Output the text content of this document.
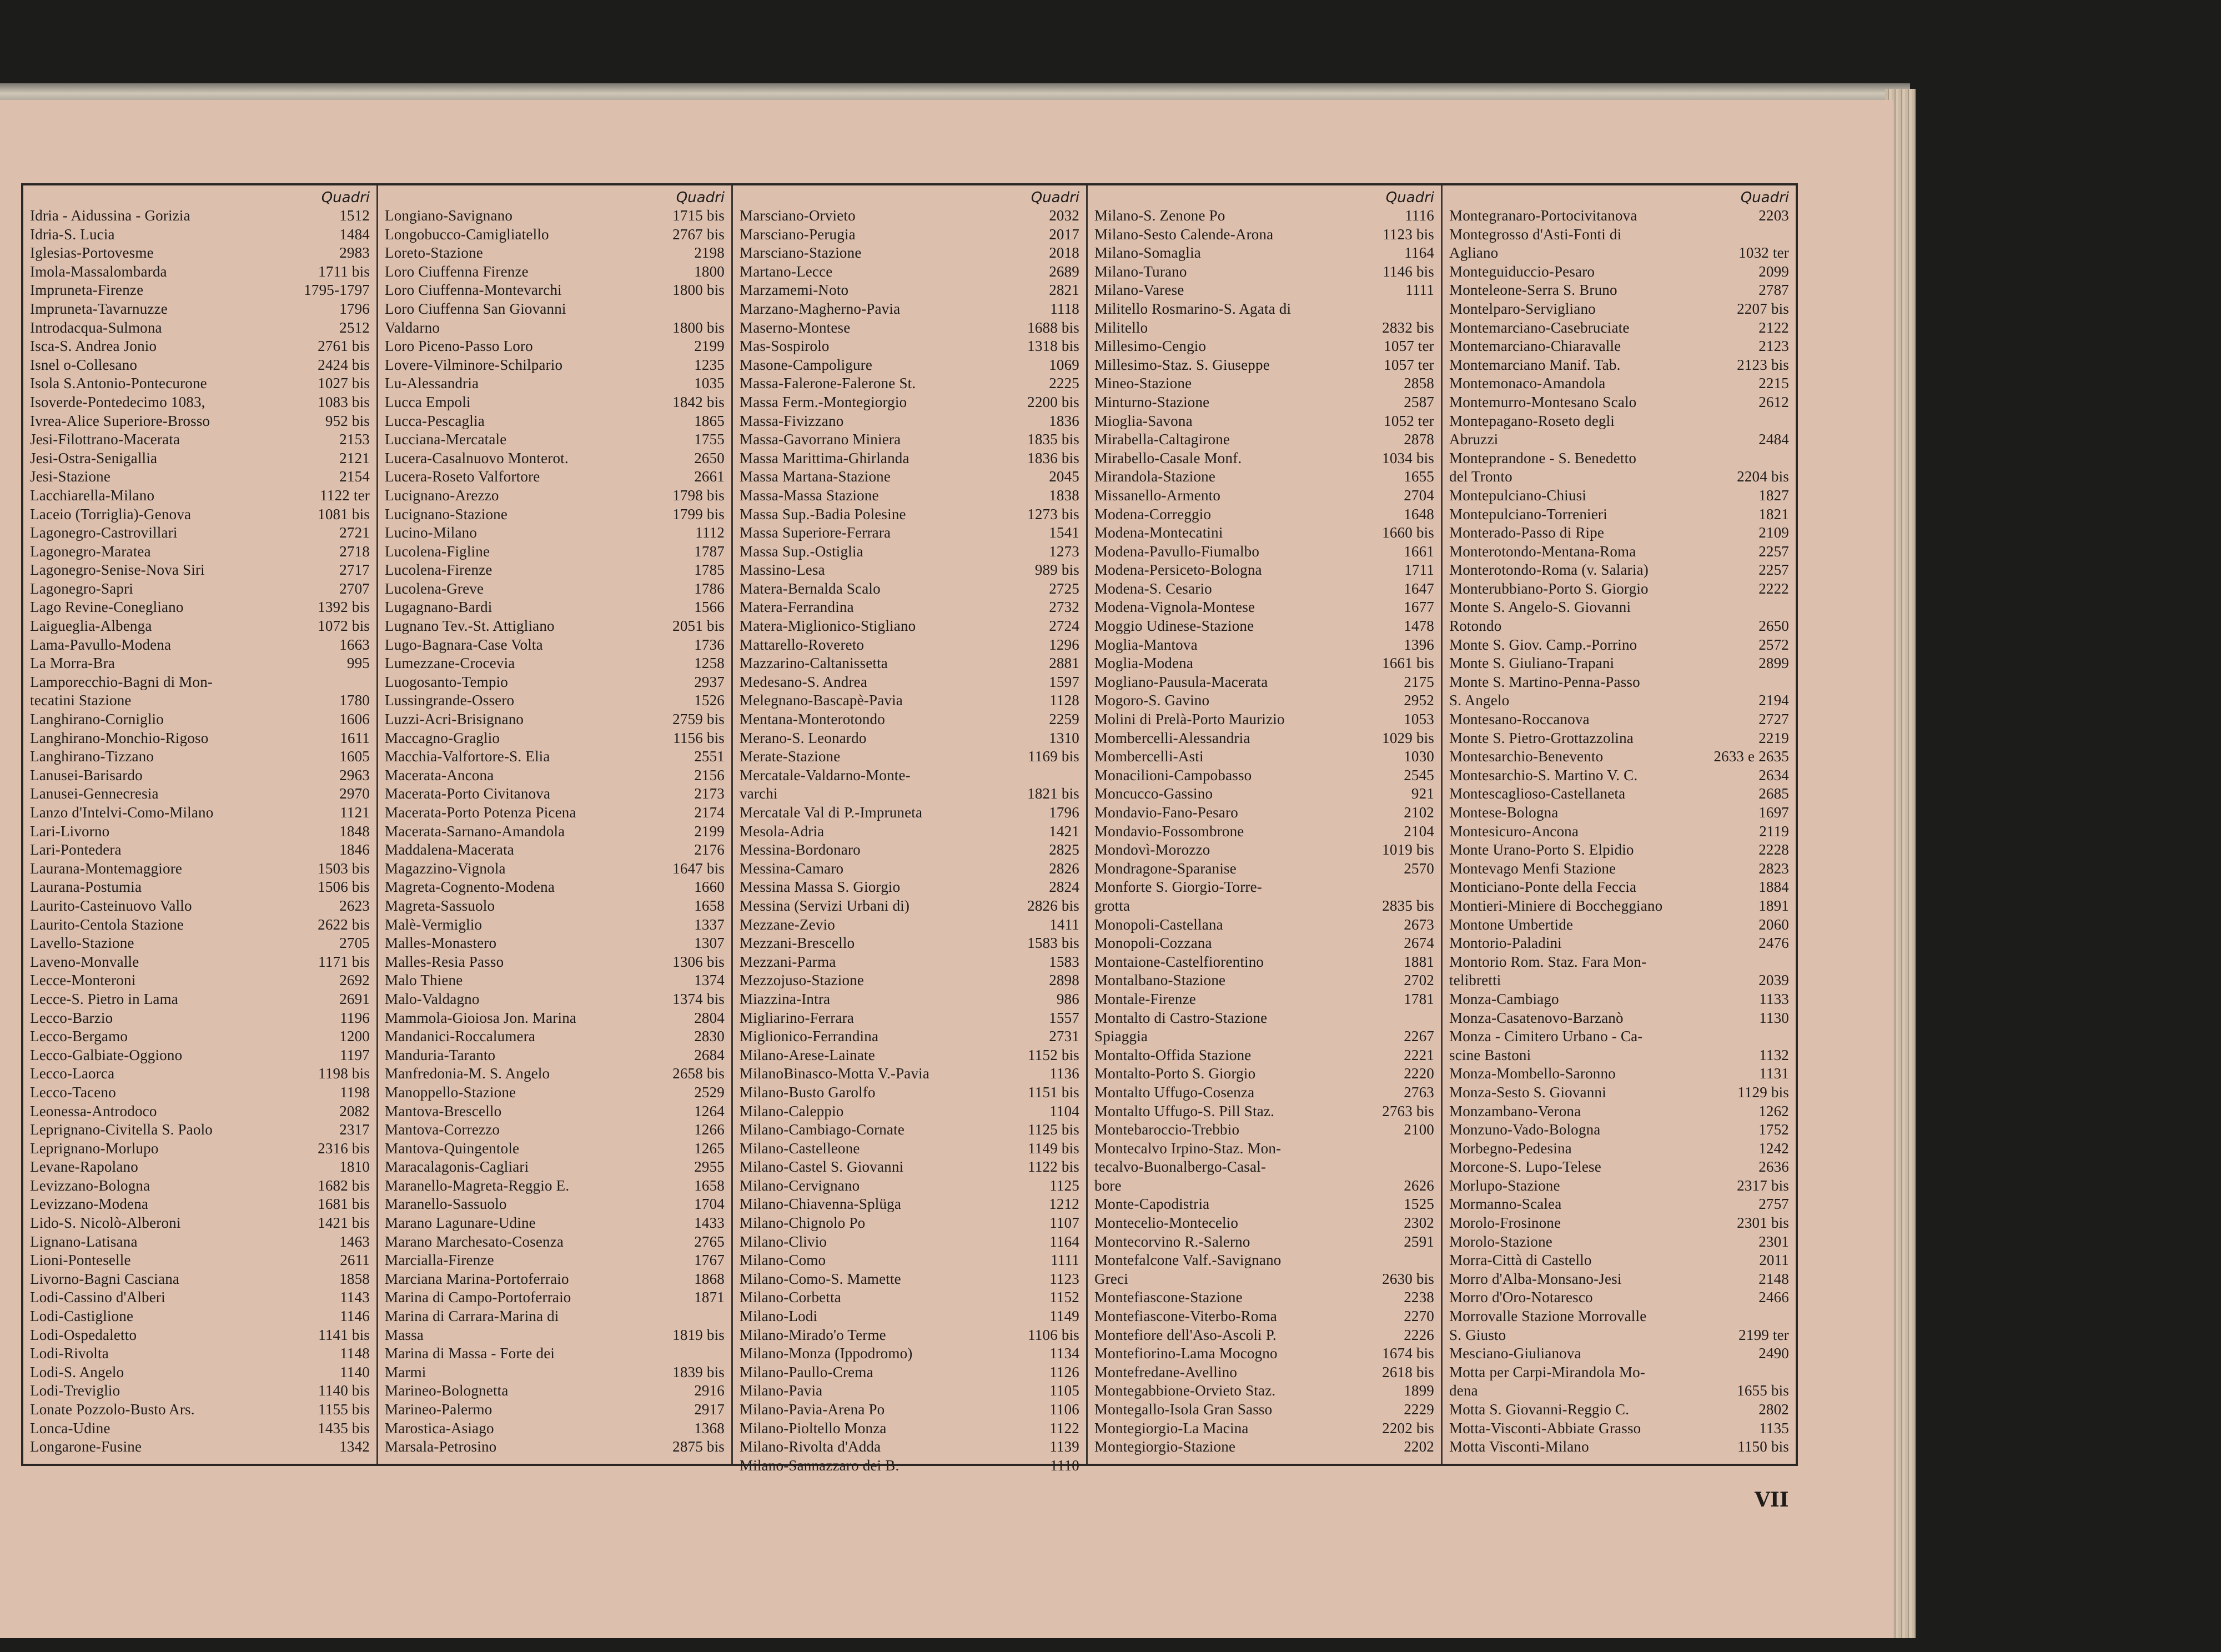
Quadri
1512
Idria - Aidussina - Gorizia
1484
Idria-S. Lucia
2983
Iglesias-Portovesme
1711 bis
Imola-Massalombarda
1795-1797
Impruneta-Firenze
1796
Impruneta-Tavarnuzze
2512
Introdacqua-Sulmona
2761 bis
Isca-S. Andrea Jonio
2424 bis
Isnel o-Collesano
1027 bis
Isola S.Antonio-Pontecurone
1083 bis
Isoverde-Pontedecimo 1083,
952 bis
Ivrea-Alice Superiore-Brosso
2153
Jesi-Filottrano-Macerata
2121
Jesi-Ostra-Senigallia
2154
Jesi-Stazione
1122 ter
Lacchiarella-Milano
1081 bis
Laceio (Torriglia)-Genova
2721
Lagonegro-Castrovillari
2718
Lagonegro-Maratea
2717
Lagonegro-Senise-Nova Siri
2707
Lagonegro-Sapri
1392 bis
Lago Revine-Conegliano
1072 bis
Laigueglia-Albenga
1663
Lama-Pavullo-Modena
995
La Morra-Bra
Lamporecchio-Bagni di Mon-
1780
tecatini Stazione
1606
Langhirano-Corniglio
1611
Langhirano-Monchio-Rigoso
1605
Langhirano-Tizzano
2963
Lanusei-Barisardo
2970
Lanusei-Gennecresia
1121
Lanzo d'Intelvi-Como-Milano
1848
Lari-Livorno
1846
Lari-Pontedera
1503 bis
Laurana-Montemaggiore
1506 bis
Laurana-Postumia
2623
Laurito-Casteinuovo Vallo
2622 bis
Laurito-Centola Stazione
2705
Lavello-Stazione
1171 bis
Laveno-Monvalle
2692
Lecce-Monteroni
2691
Lecce-S. Pietro in Lama
1196
Lecco-Barzio
1200
Lecco-Bergamo
1197
Lecco-Galbiate-Oggiono
1198 bis
Lecco-Laorca
1198
Lecco-Taceno
2082
Leonessa-Antrodoco
2317
Leprignano-Civitella S. Paolo
2316 bis
Leprignano-Morlupo
1810
Levane-Rapolano
1682 bis
Levizzano-Bologna
1681 bis
Levizzano-Modena
1421 bis
Lido-S. Nicolò-Alberoni
1463
Lignano-Latisana
2611
Lioni-Ponteselle
1858
Livorno-Bagni Casciana
1143
Lodi-Cassino d'Alberi
1146
Lodi-Castiglione
1141 bis
Lodi-Ospedaletto
1148
Lodi-Rivolta
1140
Lodi-S. Angelo
1140 bis
Lodi-Treviglio
1155 bis
Lonate Pozzolo-Busto Ars.
1435 bis
Lonca-Udine
1342
Longarone-Fusine
Quadri
1715 bis
Longiano-Savignano
2767 bis
Longobucco-Camigliatello
2198
Loreto-Stazione
1800
Loro Ciuffenna Firenze
1800 bis
Loro Ciuffenna-Montevarchi
Loro Ciuffenna San Giovanni
1800 bis
Valdarno
2199
Loro Piceno-Passo Loro
1235
Lovere-Vilminore-Schilpario
1035
Lu-Alessandria
1842 bis
Lucca Empoli
1865
Lucca-Pescaglia
1755
Lucciana-Mercatale
2650
Lucera-Casalnuovo Monterot.
2661
Lucera-Roseto Valfortore
1798 bis
Lucignano-Arezzo
1799 bis
Lucignano-Stazione
1112
Lucino-Milano
1787
Lucolena-Figline
1785
Lucolena-Firenze
1786
Lucolena-Greve
1566
Lugagnano-Bardi
2051 bis
Lugnano Tev.-St. Attigliano
1736
Lugo-Bagnara-Case Volta
1258
Lumezzane-Crocevia
2937
Luogosanto-Tempio
1526
Lussingrande-Ossero
2759 bis
Luzzi-Acri-Brisignano
1156 bis
Maccagno-Graglio
2551
Macchia-Valfortore-S. Elia
2156
Macerata-Ancona
2173
Macerata-Porto Civitanova
2174
Macerata-Porto Potenza Picena
2199
Macerata-Sarnano-Amandola
2176
Maddalena-Macerata
1647 bis
Magazzino-Vignola
1660
Magreta-Cognento-Modena
1658
Magreta-Sassuolo
1337
Malè-Vermiglio
1307
Malles-Monastero
1306 bis
Malles-Resia Passo
1374
Malo Thiene
1374 bis
Malo-Valdagno
2804
Mammola-Gioiosa Jon. Marina
2830
Mandanici-Roccalumera
2684
Manduria-Taranto
2658 bis
Manfredonia-M. S. Angelo
2529
Manoppello-Stazione
1264
Mantova-Brescello
1266
Mantova-Correzzo
1265
Mantova-Quingentole
2955
Maracalagonis-Cagliari
1658
Maranello-Magreta-Reggio E.
1704
Maranello-Sassuolo
1433
Marano Lagunare-Udine
2765
Marano Marchesato-Cosenza
1767
Marcialla-Firenze
1868
Marciana Marina-Portoferraio
1871
Marina di Campo-Portoferraio
Marina di Carrara-Marina di
1819 bis
Massa
Marina di Massa - Forte dei
1839 bis
Marmi
2916
Marineo-Bolognetta
2917
Marineo-Palermo
1368
Marostica-Asiago
2875 bis
Marsala-Petrosino
Quadri
2032
Marsciano-Orvieto
2017
Marsciano-Perugia
2018
Marsciano-Stazione
2689
Martano-Lecce
2821
Marzamemi-Noto
1118
Marzano-Magherno-Pavia
1688 bis
Maserno-Montese
1318 bis
Mas-Sospirolo
1069
Masone-Campoligure
2225
Massa-Falerone-Falerone St.
2200 bis
Massa Ferm.-Montegiorgio
1836
Massa-Fivizzano
1835 bis
Massa-Gavorrano Miniera
1836 bis
Massa Marittima-Ghirlanda
2045
Massa Martana-Stazione
1838
Massa-Massa Stazione
1273 bis
Massa Sup.-Badia Polesine
1541
Massa Superiore-Ferrara
1273
Massa Sup.-Ostiglia
989 bis
Massino-Lesa
2725
Matera-Bernalda Scalo
2732
Matera-Ferrandina
2724
Matera-Miglionico-Stigliano
1296
Mattarello-Rovereto
2881
Mazzarino-Caltanissetta
1597
Medesano-S. Andrea
1128
Melegnano-Bascapè-Pavia
2259
Mentana-Monterotondo
1310
Merano-S. Leonardo
1169 bis
Merate-Stazione
Mercatale-Valdarno-Monte-
1821 bis
varchi
1796
Mercatale Val di P.-Impruneta
1421
Mesola-Adria
2825
Messina-Bordonaro
2826
Messina-Camaro
2824
Messina Massa S. Giorgio
2826 bis
Messina (Servizi Urbani di)
1411
Mezzane-Zevio
1583 bis
Mezzani-Brescello
1583
Mezzani-Parma
2898
Mezzojuso-Stazione
986
Miazzina-Intra
1557
Migliarino-Ferrara
2731
Miglionico-Ferrandina
1152 bis
Milano-Arese-Lainate
1136
MilanoBinasco-Motta V.-Pavia
1151 bis
Milano-Busto Garolfo
1104
Milano-Caleppio
1125 bis
Milano-Cambiago-Cornate
1149 bis
Milano-Castelleone
1122 bis
Milano-Castel S. Giovanni
1125
Milano-Cervignano
1212
Milano-Chiavenna-Splüga
1107
Milano-Chignolo Po
1164
Milano-Clivio
1111
Milano-Como
1123
Milano-Como-S. Mamette
1152
Milano-Corbetta
1149
Milano-Lodi
1106 bis
Milano-Mirado'o Terme
1134
Milano-Monza (Ippodromo)
1126
Milano-Paullo-Crema
1105
Milano-Pavia
1106
Milano-Pavia-Arena Po
1122
Milano-Pioltello Monza
1139
Milano-Rivolta d'Adda
1110
Milano-Sannazzaro dei B.
Quadri
1116
Milano-S. Zenone Po
1123 bis
Milano-Sesto Calende-Arona
1164
Milano-Somaglia
1146 bis
Milano-Turano
1111
Milano-Varese
Militello Rosmarino-S. Agata di
2832 bis
Militello
1057 ter
Millesimo-Cengio
1057 ter
Millesimo-Staz. S. Giuseppe
2858
Mineo-Stazione
2587
Minturno-Stazione
1052 ter
Mioglia-Savona
2878
Mirabella-Caltagirone
1034 bis
Mirabello-Casale Monf.
1655
Mirandola-Stazione
2704
Missanello-Armento
1648
Modena-Correggio
1660 bis
Modena-Montecatini
1661
Modena-Pavullo-Fiumalbo
1711
Modena-Persiceto-Bologna
1647
Modena-S. Cesario
1677
Modena-Vignola-Montese
1478
Moggio Udinese-Stazione
1396
Moglia-Mantova
1661 bis
Moglia-Modena
2175
Mogliano-Pausula-Macerata
2952
Mogoro-S. Gavino
1053
Molini di Prelà-Porto Maurizio
1029 bis
Mombercelli-Alessandria
1030
Mombercelli-Asti
2545
Monacilioni-Campobasso
921
Moncucco-Gassino
2102
Mondavio-Fano-Pesaro
2104
Mondavio-Fossombrone
1019 bis
Mondovì-Morozzo
2570
Mondragone-Sparanise
Monforte S. Giorgio-Torre-
2835 bis
grotta
2673
Monopoli-Castellana
2674
Monopoli-Cozzana
1881
Montaione-Castelfiorentino
2702
Montalbano-Stazione
1781
Montale-Firenze
Montalto di Castro-Stazione
2267
Spiaggia
2221
Montalto-Offida Stazione
2220
Montalto-Porto S. Giorgio
2763
Montalto Uffugo-Cosenza
2763 bis
Montalto Uffugo-S. Pill Staz.
2100
Montebaroccio-Trebbio
Montecalvo Irpino-Staz. Mon-
tecalvo-Buonalbergo-Casal-
2626
bore
1525
Monte-Capodistria
2302
Montecelio-Montecelio
2591
Montecorvino R.-Salerno
Montefalcone Valf.-Savignano
2630 bis
Greci
2238
Montefiascone-Stazione
2270
Montefiascone-Viterbo-Roma
2226
Montefiore dell'Aso-Ascoli P.
1674 bis
Montefiorino-Lama Mocogno
2618 bis
Montefredane-Avellino
1899
Montegabbione-Orvieto Staz.
2229
Montegallo-Isola Gran Sasso
2202 bis
Montegiorgio-La Macina
2202
Montegiorgio-Stazione
Quadri
2203
Montegranaro-Portocivitanova
Montegrosso d'Asti-Fonti di
1032 ter
Agliano
2099
Monteguiduccio-Pesaro
2787
Monteleone-Serra S. Bruno
2207 bis
Montelparo-Servigliano
2122
Montemarciano-Casebruciate
2123
Montemarciano-Chiaravalle
2123 bis
Montemarciano Manif. Tab.
2215
Montemonaco-Amandola
2612
Montemurro-Montesano Scalo
Montepagano-Roseto degli
2484
Abruzzi
Monteprandone - S. Benedetto
2204 bis
del Tronto
1827
Montepulciano-Chiusi
1821
Montepulciano-Torrenieri
2109
Monterado-Passo di Ripe
2257
Monterotondo-Mentana-Roma
2257
Monterotondo-Roma (v. Salaria)
2222
Monterubbiano-Porto S. Giorgio
Monte S. Angelo-S. Giovanni
2650
Rotondo
2572
Monte S. Giov. Camp.-Porrino
2899
Monte S. Giuliano-Trapani
Monte S. Martino-Penna-Passo
2194
S. Angelo
2727
Montesano-Roccanova
2219
Monte S. Pietro-Grottazzolina
2633 e 2635
Montesarchio-Benevento
2634
Montesarchio-S. Martino V. C.
2685
Montescaglioso-Castellaneta
1697
Montese-Bologna
2119
Montesicuro-Ancona
2228
Monte Urano-Porto S. Elpidio
2823
Montevago Menfi Stazione
1884
Monticiano-Ponte della Feccia
1891
Montieri-Miniere di Boccheggiano
2060
Montone Umbertide
2476
Montorio-Paladini
Montorio Rom. Staz. Fara Mon-
2039
telibretti
1133
Monza-Cambiago
1130
Monza-Casatenovo-Barzanò
Monza - Cimitero Urbano - Ca-
1132
scine Bastoni
1131
Monza-Mombello-Saronno
1129 bis
Monza-Sesto S. Giovanni
1262
Monzambano-Verona
1752
Monzuno-Vado-Bologna
1242
Morbegno-Pedesina
2636
Morcone-S. Lupo-Telese
2317 bis
Morlupo-Stazione
2757
Mormanno-Scalea
2301 bis
Morolo-Frosinone
2301
Morolo-Stazione
2011
Morra-Città di Castello
2148
Morro d'Alba-Monsano-Jesi
2466
Morro d'Oro-Notaresco
Morrovalle Stazione Morrovalle
2199 ter
S. Giusto
2490
Mesciano-Giulianova
Motta per Carpi-Mirandola Mo-
1655 bis
dena
2802
Motta S. Giovanni-Reggio C.
1135
Motta-Visconti-Abbiate Grasso
1150 bis
Motta Visconti-Milano
VII
